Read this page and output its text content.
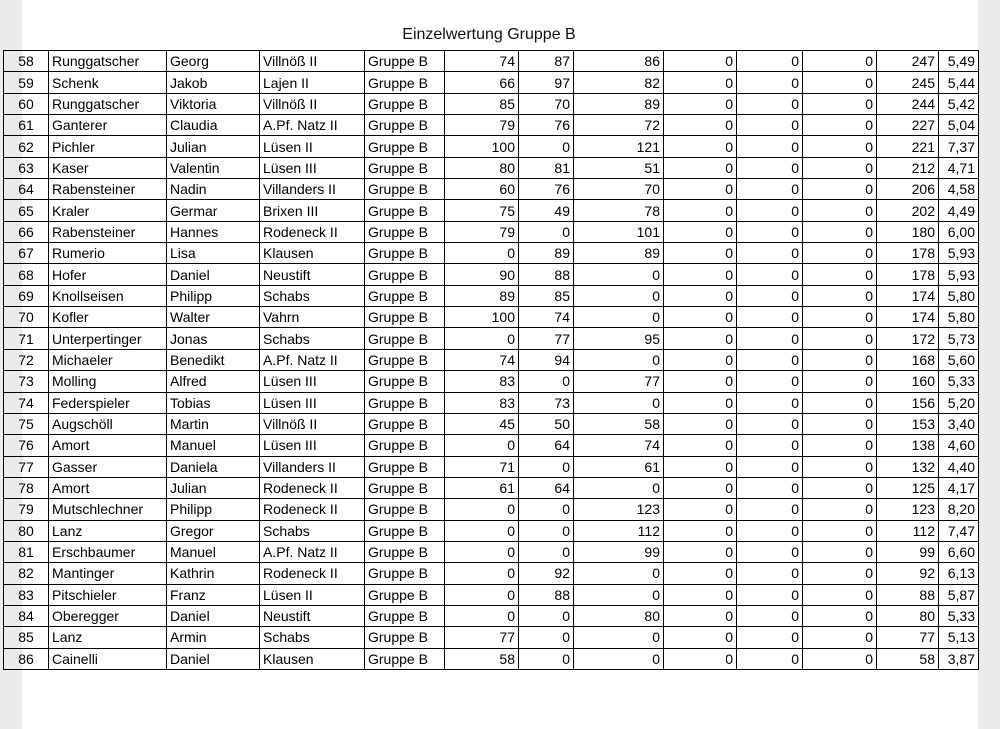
Einzelwertung Gruppe B
58	Runggatscher	Georg	Villnöß II	Gruppe B	74	87	86	0	0	0	247	5,49
59	Schenk	Jakob	Lajen II	Gruppe B	66	97	82	0	0	0	245	5,44
60	Runggatscher	Viktoria	Villnöß II	Gruppe B	85	70	89	0	0	0	244	5,42
61	Ganterer	Claudia	A.Pf. Natz II	Gruppe B	79	76	72	0	0	0	227	5,04
62	Pichler	Julian	Lüsen II	Gruppe B	100	0	121	0	0	0	221	7,37
63	Kaser	Valentin	Lüsen III	Gruppe B	80	81	51	0	0	0	212	4,71
64	Rabensteiner	Nadin	Villanders II	Gruppe B	60	76	70	0	0	0	206	4,58
65	Kraler	Germar	Brixen III	Gruppe B	75	49	78	0	0	0	202	4,49
66	Rabensteiner	Hannes	Rodeneck II	Gruppe B	79	0	101	0	0	0	180	6,00
67	Rumerio	Lisa	Klausen	Gruppe B	0	89	89	0	0	0	178	5,93
68	Hofer	Daniel	Neustift	Gruppe B	90	88	0	0	0	0	178	5,93
69	Knollseisen	Philipp	Schabs	Gruppe B	89	85	0	0	0	0	174	5,80
70	Kofler	Walter	Vahrn	Gruppe B	100	74	0	0	0	0	174	5,80
71	Unterpertinger	Jonas	Schabs	Gruppe B	0	77	95	0	0	0	172	5,73
72	Michaeler	Benedikt	A.Pf. Natz II	Gruppe B	74	94	0	0	0	0	168	5,60
73	Molling	Alfred	Lüsen III	Gruppe B	83	0	77	0	0	0	160	5,33
74	Federspieler	Tobias	Lüsen III	Gruppe B	83	73	0	0	0	0	156	5,20
75	Augschöll	Martin	Villnöß II	Gruppe B	45	50	58	0	0	0	153	3,40
76	Amort	Manuel	Lüsen III	Gruppe B	0	64	74	0	0	0	138	4,60
77	Gasser	Daniela	Villanders II	Gruppe B	71	0	61	0	0	0	132	4,40
78	Amort	Julian	Rodeneck II	Gruppe B	61	64	0	0	0	0	125	4,17
79	Mutschlechner	Philipp	Rodeneck II	Gruppe B	0	0	123	0	0	0	123	8,20
80	Lanz	Gregor	Schabs	Gruppe B	0	0	112	0	0	0	112	7,47
81	Erschbaumer	Manuel	A.Pf. Natz II	Gruppe B	0	0	99	0	0	0	99	6,60
82	Mantinger	Kathrin	Rodeneck II	Gruppe B	0	92	0	0	0	0	92	6,13
83	Pitschieler	Franz	Lüsen II	Gruppe B	0	88	0	0	0	0	88	5,87
84	Oberegger	Daniel	Neustift	Gruppe B	0	0	80	0	0	0	80	5,33
85	Lanz	Armin	Schabs	Gruppe B	77	0	0	0	0	0	77	5,13
86	Cainelli	Daniel	Klausen	Gruppe B	58	0	0	0	0	0	58	3,87
